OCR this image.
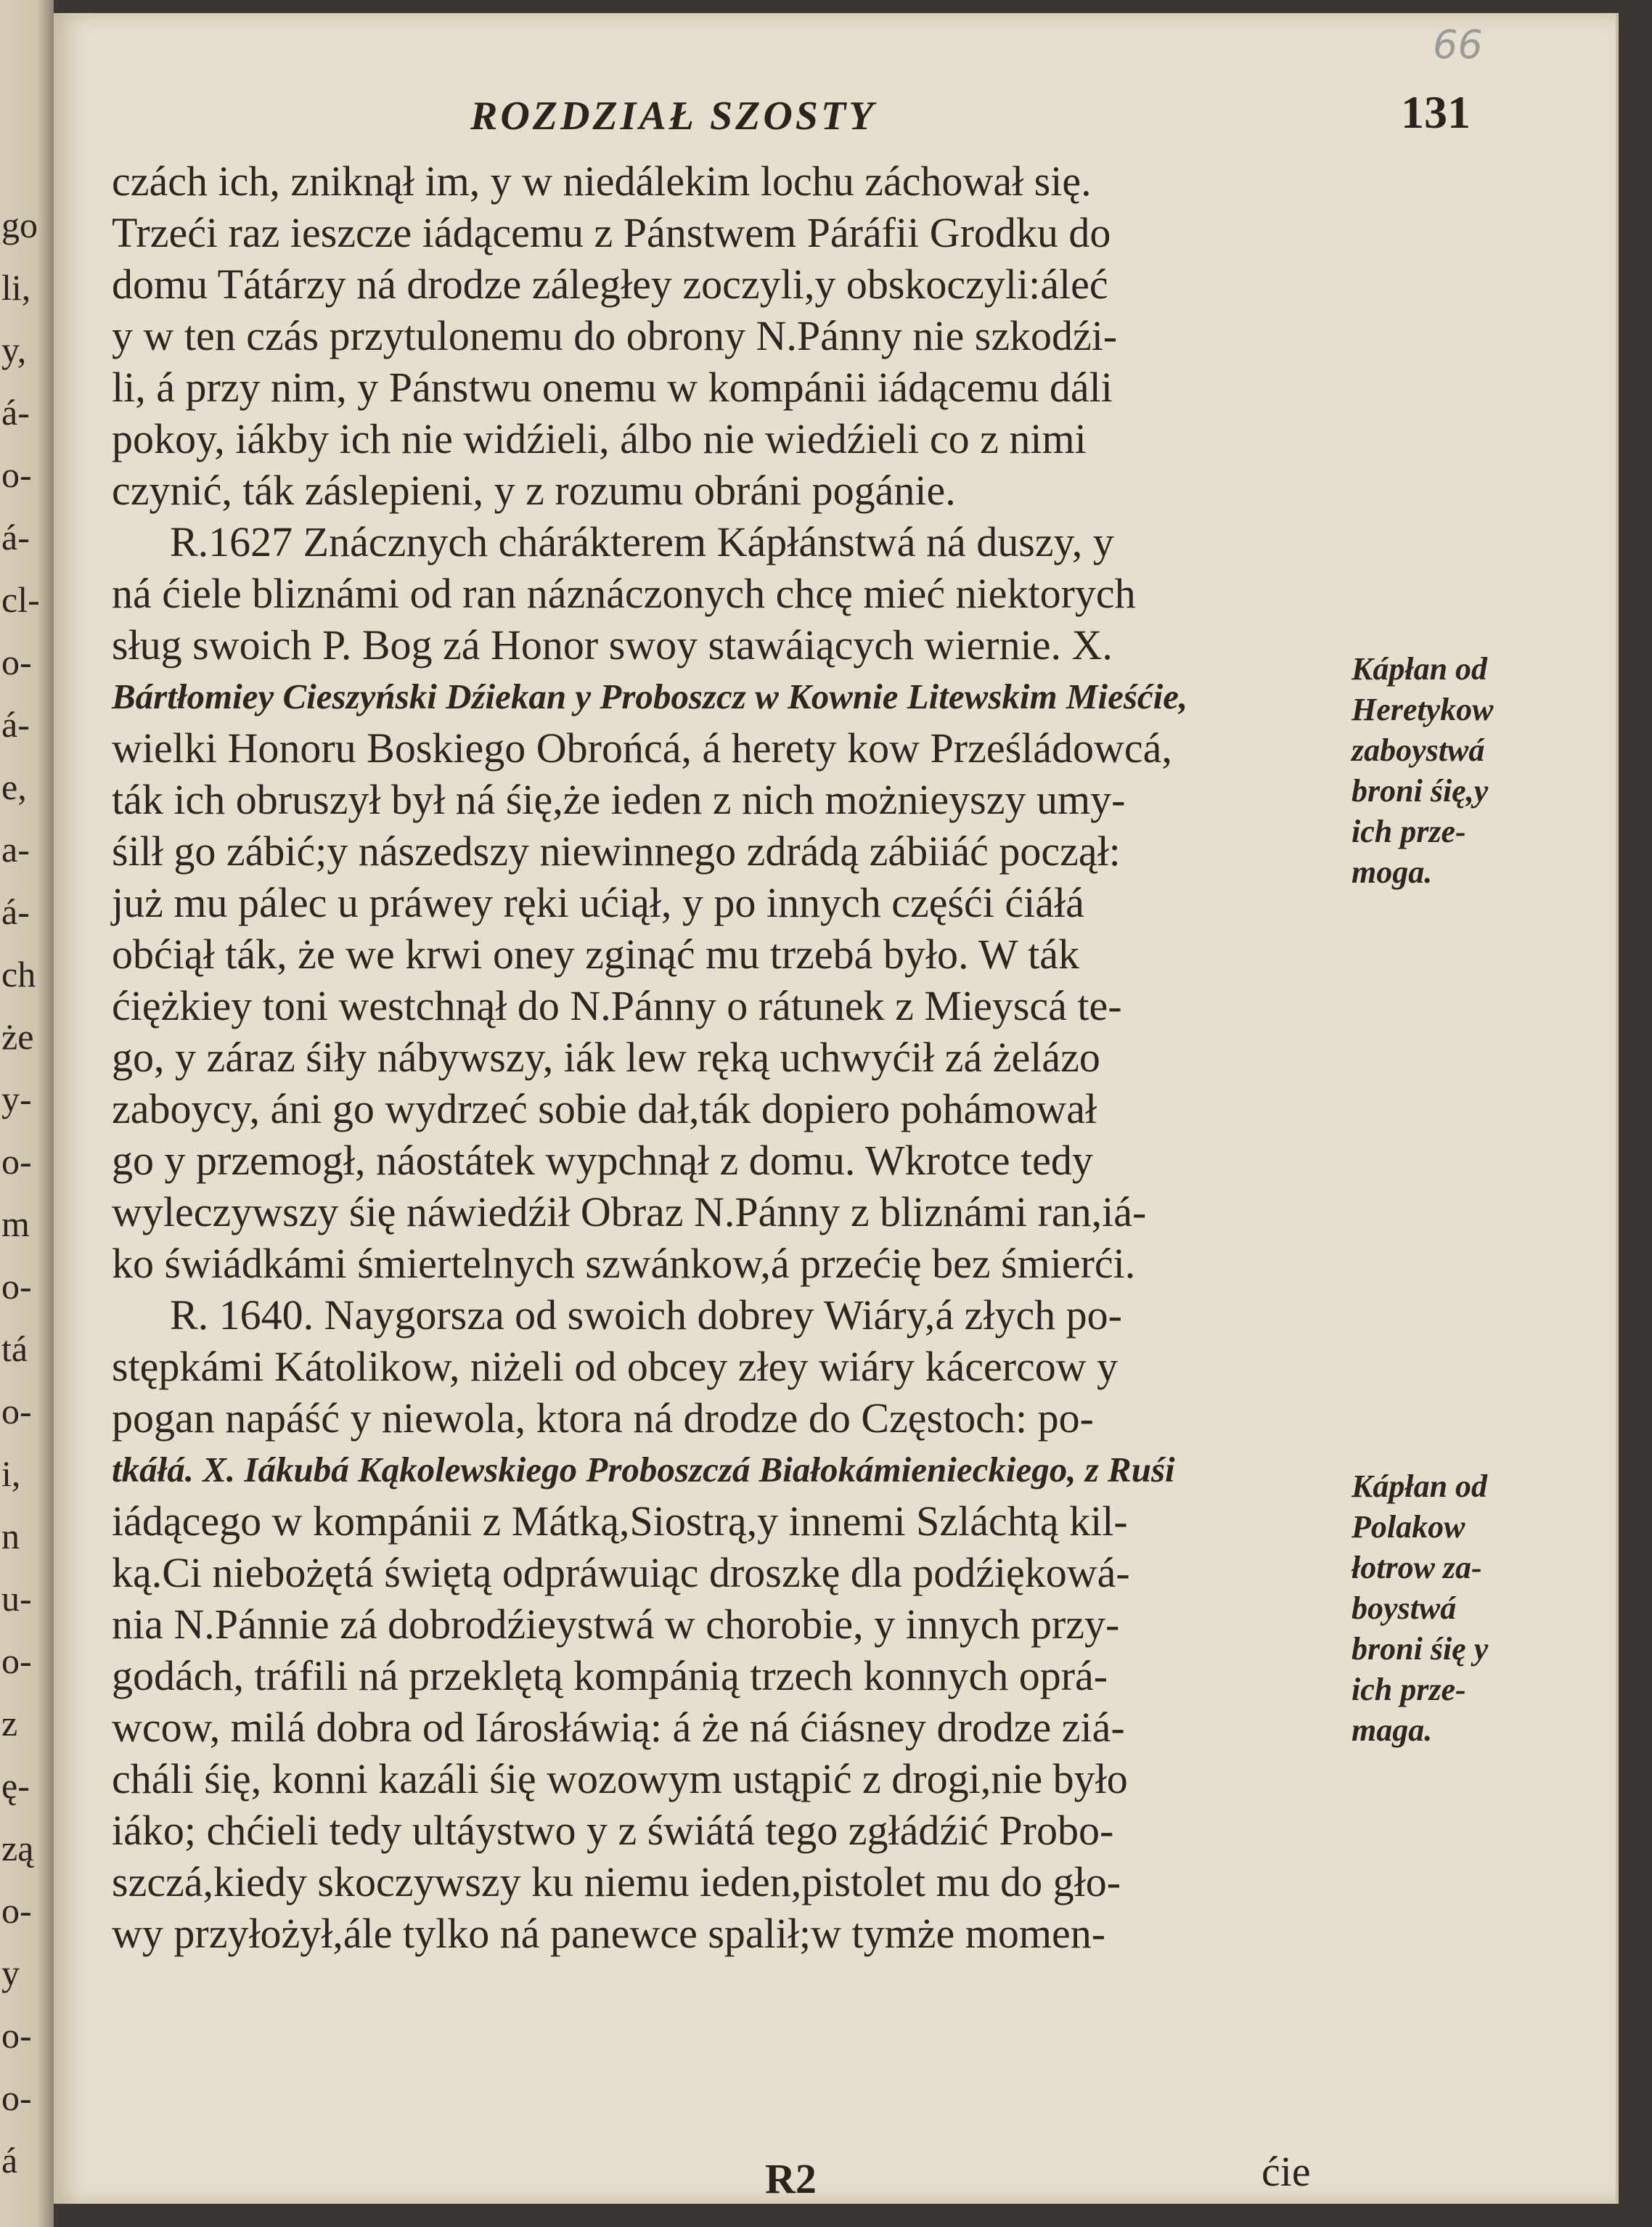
go
li,
y,
á-
o-
á-
cl-
o-
á-
e,
a-
á-
ch
że
y-
o-
m
o-
tá
o-
i,
n
u-
o-
z
ę-
zą
o-
y
o-
o-
á
66
ROZDZIAŁ SZOSTY	131
czách ich, zniknął im, y w niedálekim lochu záchował się.
Trzeći raz ieszcze iádącemu z Pánstwem Páráfii Grodku do
domu Tátárzy ná drodze záległey zoczyli,y obskoczyli:áleć
y w ten czás przytulonemu do obrony N.Pánny nie szkodźi-
li, á przy nim, y Pánstwu onemu w kompánii iádącemu dáli
pokoy, iákby ich nie widźieli, álbo nie wiedźieli co z nimi
czynić, ták záslepieni, y z rozumu obráni pogánie.
R.1627 Znácznych chárákterem Kápłánstwá ná duszy, y
ná ćiele bliznámi od ran náznáczonych chcę mieć niektorych
sług swoich P. Bog zá Honor swoy stawáiących wiernie. X.
Bártłomiey Cieszyński Dźiekan y Proboszcz w Kownie Litewskim Mieśćie,
wielki Honoru Boskiego Obrońcá, á herety kow Prześládowcá,
ták ich obruszył był ná śię,że ieden z nich możnieyszy umy-
śilł go zábić;y nászedszy niewinnego zdrádą zábiiáć począł:
już mu pálec u práwey ręki ućiął, y po innych częśći ćiáłá
obćiął ták, że we krwi oney zginąć mu trzebá było. W ták
ćiężkiey toni westchnął do N.Pánny o rátunek z Mieyscá te-
go, y záraz śiły nábywszy, iák lew ręką uchwyćił zá żelázo
zaboycy, áni go wydrzeć sobie dał,ták dopiero pohámował
go y przemogł, náostátek wypchnął z domu. Wkrotce tedy
wyleczywszy śię náwiedźił Obraz N.Pánny z bliznámi ran,iá-
ko świádkámi śmiertelnych szwánkow,á przećię bez śmierći.
R. 1640. Naygorsza od swoich dobrey Wiáry,á złych po-
stępkámi Kátolikow, niżeli od obcey złey wiáry kácercow y
pogan napáść y niewola, ktora ná drodze do Częstoch: po-
tkáłá. X. Iákubá Kąkolewskiego Proboszczá Białokámienieckiego, z Ruśi
iádącego w kompánii z Mátką,Siostrą,y innemi Szláchtą kil-
ką.Ci niebożętá świętą odpráwuiąc droszkę dla podźiękowá-
nia N.Pánnie zá dobrodźieystwá w chorobie, y innych przy-
godách, tráfili ná przeklętą kompánią trzech konnych oprá-
wcow, milá dobra od Iárosłáwią: á że ná ćiásney drodze ziá-
cháli śię, konni kazáli śię wozowym ustąpić z drogi,nie było
iáko; chćieli tedy ultáystwo y z świátá tego zgłádźić Probo-
szczá,kiedy skoczywszy ku niemu ieden,pistolet mu do gło-
wy przyłożył,ále tylko ná panewce spalił;w tymże momen-
Kápłan od
Heretykow
zaboystwá
broni śię,y
ich prze-
moga.
Kápłan od
Polakow
łotrow za-
boystwá
broni śię y
ich prze-
maga.
R2	ćie
